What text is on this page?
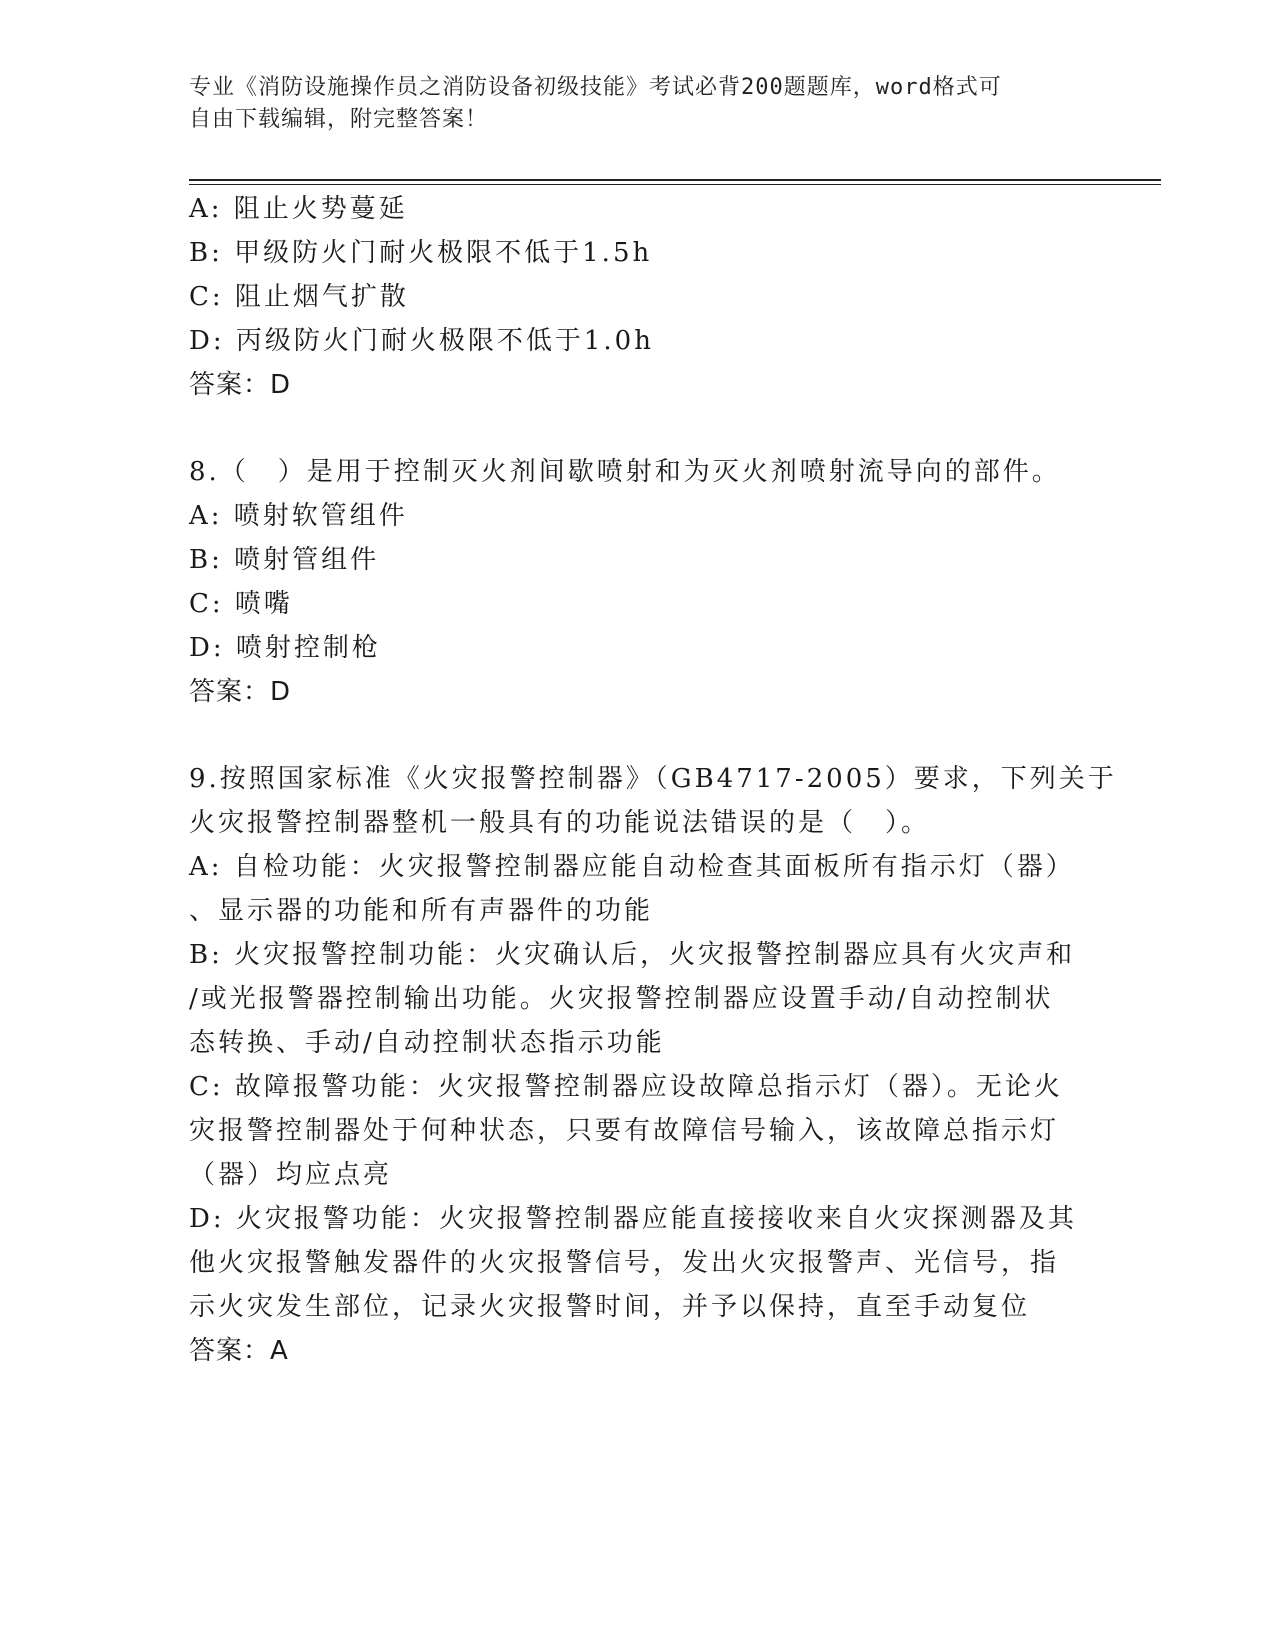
专业《消防设施操作员之消防设备初级技能》考试必背200题题库，word格式可

自由下载编辑，附完整答案！

A: 阻止火势蔓延
B: 甲级防火门耐火极限不低于1.5h
C: 阻止烟气扩散
D: 丙级防火门耐火极限不低于1.0h
答案：D
8.（　）是用于控制灭火剂间歇喷射和为灭火剂喷射流导向的部件。
A: 喷射软管组件
B: 喷射管组件
C: 喷嘴
D: 喷射控制枪
答案：D
9.按照国家标准《火灾报警控制器》（GB4717-2005）要求，下列关于
火灾报警控制器整机一般具有的功能说法错误的是（　）。
A: 自检功能：火灾报警控制器应能自动检查其面板所有指示灯（器）
、显示器的功能和所有声器件的功能
B: 火灾报警控制功能：火灾确认后，火灾报警控制器应具有火灾声和
/或光报警器控制输出功能。火灾报警控制器应设置手动/自动控制状
态转换、手动/自动控制状态指示功能
C: 故障报警功能：火灾报警控制器应设故障总指示灯（器）。无论火
灾报警控制器处于何种状态，只要有故障信号输入，该故障总指示灯
（器）均应点亮
D: 火灾报警功能：火灾报警控制器应能直接接收来自火灾探测器及其
他火灾报警触发器件的火灾报警信号，发出火灾报警声、光信号，指
示火灾发生部位，记录火灾报警时间，并予以保持，直至手动复位
答案：A
